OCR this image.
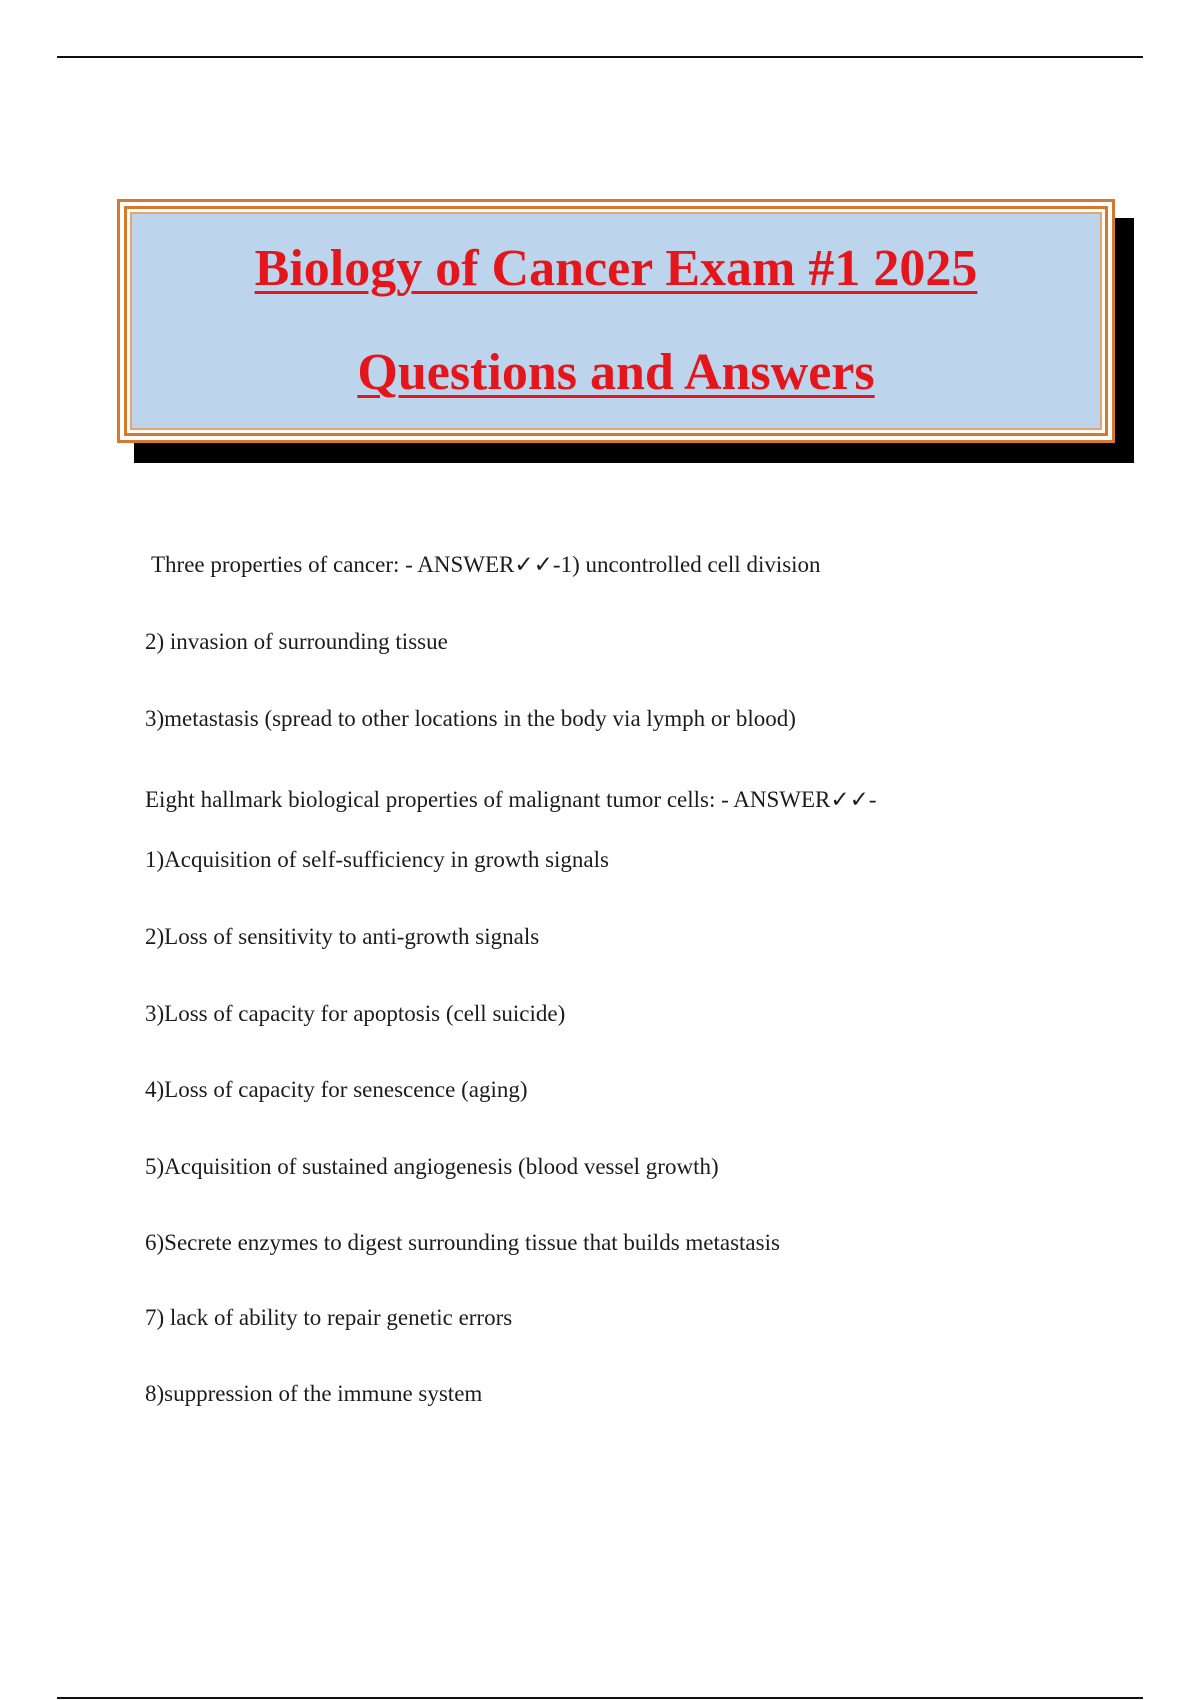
Biology of Cancer Exam #1 2025
Questions and Answers
Three properties of cancer: - ANSWER✓✓-1) uncontrolled cell division
2) invasion of surrounding tissue
3)metastasis (spread to other locations in the body via lymph or blood)
Eight hallmark biological properties of malignant tumor cells: - ANSWER✓✓-
1)Acquisition of self-sufficiency in growth signals
2)Loss of sensitivity to anti-growth signals
3)Loss of capacity for apoptosis (cell suicide)
4)Loss of capacity for senescence (aging)
5)Acquisition of sustained angiogenesis (blood vessel growth)
6)Secrete enzymes to digest surrounding tissue that builds metastasis
7) lack of ability to repair genetic errors
8)suppression of the immune system
